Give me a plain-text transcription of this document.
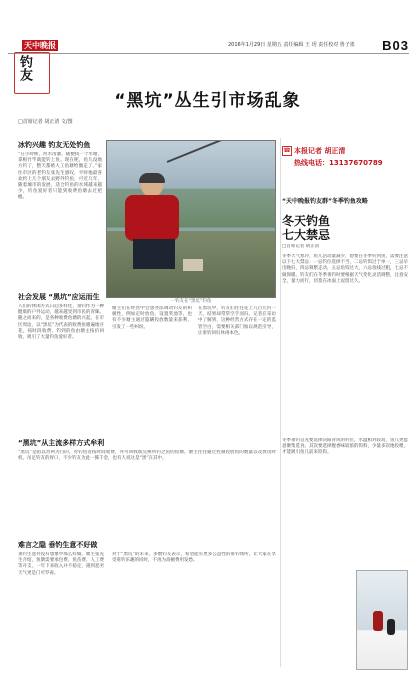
天中晚报	2016年1月29日 星期五 责任编辑 王 玥 责任校对 鲁子墨 B03
钓友
“黑坑”丛生引市场乱象
□首席记者 胡正清 文/图
冰钓兴趣 钓友无处钓鱼
“在小时候，河水清澈，随便找一个水塘，拿根竹竿就能钓上鱼。现在呢，鱼儿没地方钓了，整天都被人工鱼塘给圈走了。”家住市区的老钓友张先生感叹，平时他最喜欢约上几个朋友去野外钓鱼，可近几年，随着城市的发展，适合钓鱼的水域越来越少，钓鱼爱好者只能到收费鱼塘去过把瘾。
一钓友在“黑坑”钓鱼
☎ 本报记者 胡正清
热线电话：13137670789
“天中晚报钓友群”冬季钓鱼攻略
冬天钓鱼
七大禁忌
□首席记者 胡正清
冬季天气寒冷，鱼儿活动量减少，想要在冬季钓到鱼，需要注意以下七大禁忌：一忌钓位选择不当，二忌钓饵过于单一，三忌早出晚归，四忌频繁走动，五忌鱼钩过大，六忌鱼线过粗，七忌不做保暖。钓友们在冬季垂钓时要根据天气变化灵活调整，注意安全，量力而行，切莫在冰面上逗留过久。
冬季垂钓首先要选择向阳背风的钓位，水温相对较高，鱼儿更愿意聚集觅食。其次要选择腥香味较浓的饵料，少量多次地投喂，才能吸引鱼儿前来咬钩。
社会发展 “黑坑”应运而生
人们的休闲方式日趋多样化，垂钓作为一种健康的户外运动，越来越受到市民的青睐。随之而来的，是各种收费鱼塘的兴起。在市区周边，以“黑坑”为代表的收费鱼塘遍地开花，按时段收费，钓到的鱼由塘主按价回收，吸引了大量钓鱼爱好者。
塘主们在经营中会想办法调动钓友的积极性，例如定时放鱼、设置奖池等，也有不少塘主通过隐瞒投放数量来获利，引发了一些纠纷。
在黑坑中，钓友们往往花上几百元钓一天，结果却常常空手而归。记者在采访中了解到，这种经营方式存在一定的监管空白，需要相关部门加以规范引导，让垂钓回归休闲本色。
“黑坑”从主流多样方式牟利
“黑坑”是指以营利为目的、对钓鱼者按时间收费，并可回收或兑换所钓之鱼的鱼塘。塘主往往通过控制投放鱼的数量以及放鱼时机，吊足钓友的胃口，不少钓友为此一掷千金，也有人说这是“黑”在其中。
难言之隐 垂钓生意不好做
垂钓生意并没有想象中那么好做，塘主张先生介绍，鱼塘需要承包费、鱼苗费、人工费等开支，一年下来收入并不稳定，遇到恶劣天气更是门可罗雀。
对于“黑坑”的未来，多数钓友表示，希望能有更多公益性的垂钓场所，让大家在享受垂钓乐趣的同时，不再为高额费用发愁。
